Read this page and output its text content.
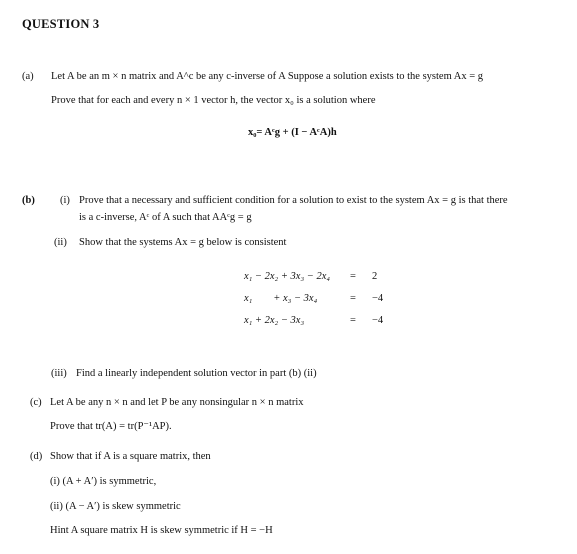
QUESTION 3
(a) Let A be an m × n matrix and A^c be any c-inverse of A Suppose a solution exists to the system Ax = g
Prove that for each and every n × 1 vector h, the vector x₀ is a solution where
x₀= Aᶜg + (I − AᶜA)h
(b) (i) Prove that a necessary and sufficient condition for a solution to exist to the system Ax = g is that there
is a c-inverse, Aᶜ of A such that AAᶜg = g
(ii) Show that the systems Ax = g below is consistent
x₁ − 2x₂ + 3x₃ − 2x₄	=	2
x₁        + x₃ − 3x₄	=	−4
x₁ + 2x₂ − 3x₃	=	−4
(iii) Find a linearly independent solution vector in part (b) (ii)
(c) Let A be any n × n and let P be any nonsingular n × n matrix
Prove that tr(A) = tr(P⁻¹AP).
(d) Show that if A is a square matrix, then
(i) (A + A′) is symmetric,
(ii) (A − A′) is skew symmetric
Hint A square matrix H is skew symmetric if H = −H
